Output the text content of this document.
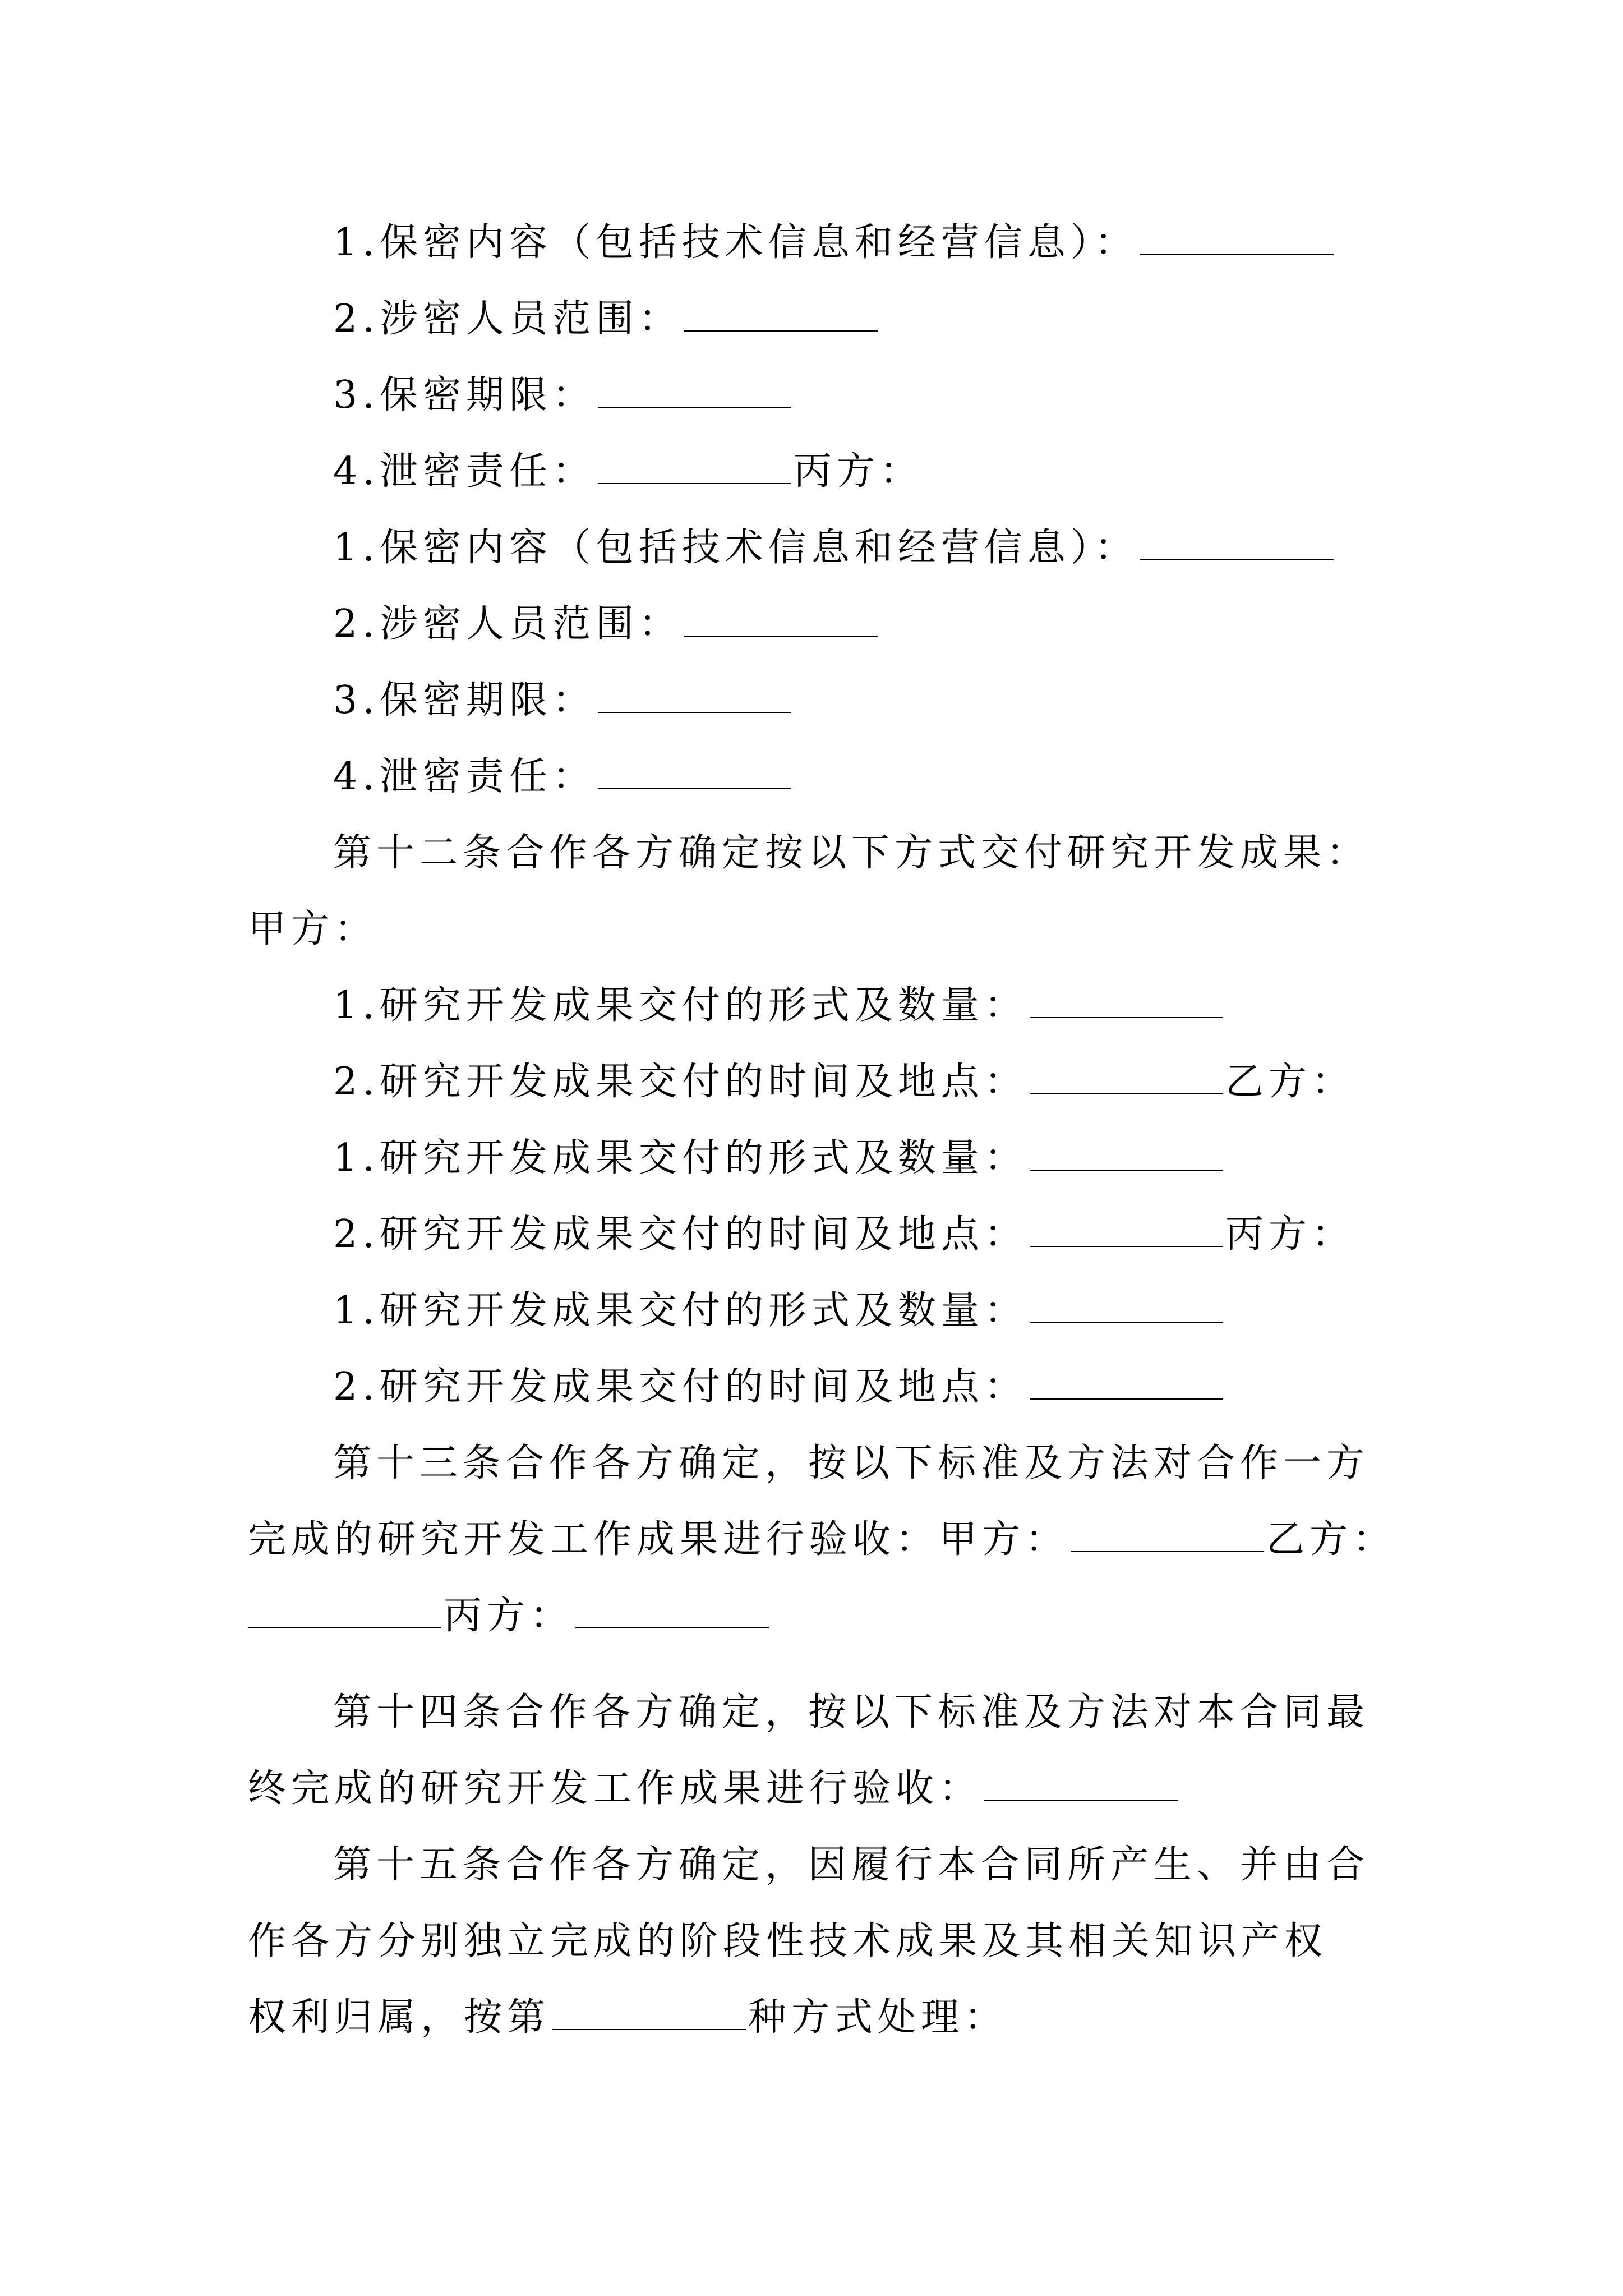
1.保密内容（包括技术信息和经营信息）：
2.涉密人员范围：
3.保密期限：
4.泄密责任：	丙方：
1.保密内容（包括技术信息和经营信息）：
2.涉密人员范围：
3.保密期限：
4.泄密责任：
第十二条合作各方确定按以下方式交付研究开发成果：
甲方：
1.研究开发成果交付的形式及数量：
2.研究开发成果交付的时间及地点：	乙方：
1.研究开发成果交付的形式及数量：
2.研究开发成果交付的时间及地点：	丙方：
1.研究开发成果交付的形式及数量：
2.研究开发成果交付的时间及地点：
第十三条合作各方确定，按以下标准及方法对合作一方
完成的研究开发工作成果进行验收：甲方：	乙方：
丙方：
第十四条合作各方确定，按以下标准及方法对本合同最
终完成的研究开发工作成果进行验收：
第十五条合作各方确定，因履行本合同所产生、并由合
作各方分别独立完成的阶段性技术成果及其相关知识产权
权利归属，按第	种方式处理：
